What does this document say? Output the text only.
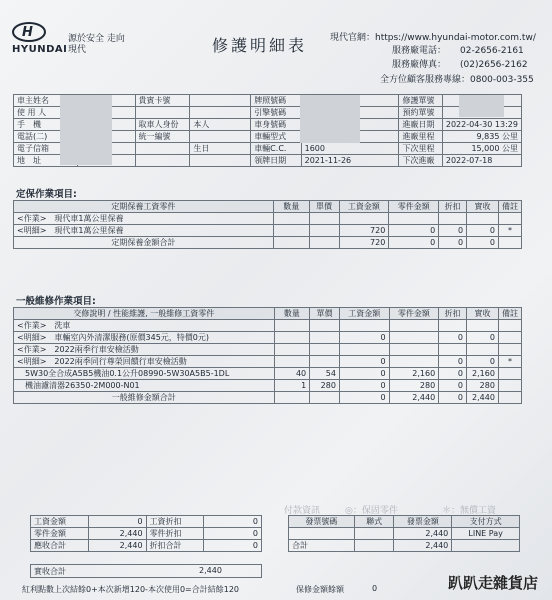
H
HYUNDAI
源於安全 走向現代	修護明細表	現代官網：https://www.hyundai-motor.com.tw/
服務廠電話： 02-2656-2161
服務廠傳真： (02)2656-2162
全方位顧客服務專線：0800-003-355
車主姓名		貴賓卡號		牌照號碼		修護單號	
使 用 人				引擎號碼		預約單號	
手　機		取車人身份	本人	車身號碼		進廠日期	2022-04-30 13:29
電話(二)		統一編號		車輛型式		進廠里程	9,835 公里
電子信箱			生日	車輛C.C.	1600	下次里程	15,000 公里
地　址				領牌日期	2021-11-26	下次進廠	2022-07-18
定保作業項目:
定期保養工資零件	數量	單價	工資金額	零件金額	折扣	實收	備註
<作業>　現代車1萬公里保養							
<明細>　現代車1萬公里保養			720	0	0	0	*
定期保養金額合計			720	0	0	0	
一般維修作業項目:
交修說明 / 性能維護, 一般維修工資零件	數量	單價	工資金額	零件金額	折扣	實收	備註
<作業>　洗車							
<明細>　車輛室內外清潔服務(原價345元，特價0元)			0		0	0	
<作業>　2022兩季行車安檢活動							
<明細>　2022兩季同行尊榮回饋行車安檢活動			0		0	0	*
　5W30全合成A5B5機油0.1公升08990-5W30A5B5-1DL	40	54	0	2,160	0	2,160	
　機油濾清器26350-2M000-N01	1	280	0	280	0	280	
一般維修金額合計			0	2,440	0	2,440	
付款資訊	◎：保固零件	＊：無償工資
工資金額	0	工資折扣	0
零件金額	2,440	零件折扣	0
應收合計	2,440	折扣合計	0
實收合計	2,440
發票號碼	聯式	發票金額	支付方式
		2,440	LINE Pay
合計		2,440	
紅利點數上次結餘0+本次新增120-本次使用0=合計結餘120	保修金額餘額	0	趴趴走雜貨店
